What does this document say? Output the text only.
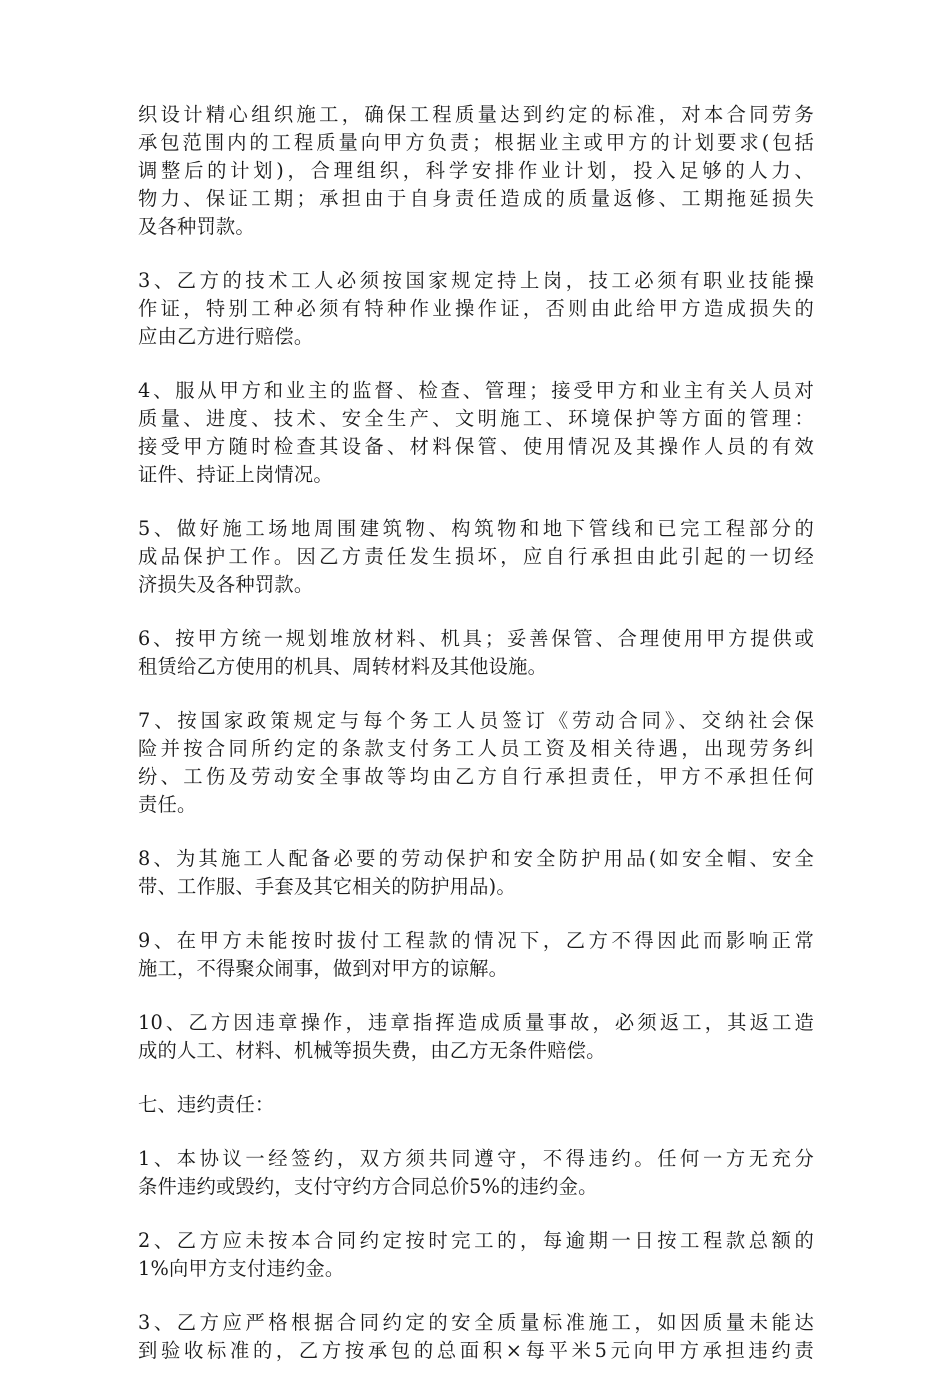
织设计精心组织施工，确保工程质量达到约定的标准，对本合同劳务
承包范围内的工程质量向甲方负责；根据业主或甲方的计划要求(包括
调整后的计划)，合理组织，科学安排作业计划，投入足够的人力、
物力、保证工期；承担由于自身责任造成的质量返修、工期拖延损失
及各种罚款。
3、乙方的技术工人必须按国家规定持上岗，技工必须有职业技能操
作证，特别工种必须有特种作业操作证，否则由此给甲方造成损失的
应由乙方进行赔偿。
4、服从甲方和业主的监督、检查、管理；接受甲方和业主有关人员对
质量、进度、技术、安全生产、文明施工、环境保护等方面的管理：
接受甲方随时检查其设备、材料保管、使用情况及其操作人员的有效
证件、持证上岗情况。
5、做好施工场地周围建筑物、构筑物和地下管线和已完工程部分的
成品保护工作。因乙方责任发生损坏，应自行承担由此引起的一切经
济损失及各种罚款。
6、按甲方统一规划堆放材料、机具；妥善保管、合理使用甲方提供或
租赁给乙方使用的机具、周转材料及其他设施。
7、按国家政策规定与每个务工人员签订《劳动合同》、交纳社会保
险并按合同所约定的条款支付务工人员工资及相关待遇，出现劳务纠
纷、工伤及劳动安全事故等均由乙方自行承担责任，甲方不承担任何
责任。
8、为其施工人配备必要的劳动保护和安全防护用品(如安全帽、安全
带、工作服、手套及其它相关的防护用品)。
9、在甲方未能按时拔付工程款的情况下，乙方不得因此而影响正常
施工，不得聚众闹事，做到对甲方的谅解。
10、乙方因违章操作，违章指挥造成质量事故，必须返工，其返工造
成的人工、材料、机械等损失费，由乙方无条件赔偿。
七、违约责任：
1、本协议一经签约，双方须共同遵守，不得违约。任何一方无充分
条件违约或毁约，支付守约方合同总价5%的违约金。
2、乙方应未按本合同约定按时完工的，每逾期一日按工程款总额的
1%向甲方支付违约金。
3、乙方应严格根据合同约定的安全质量标准施工，如因质量未能达
到验收标准的，乙方按承包的总面积×每平米5元向甲方承担违约责
